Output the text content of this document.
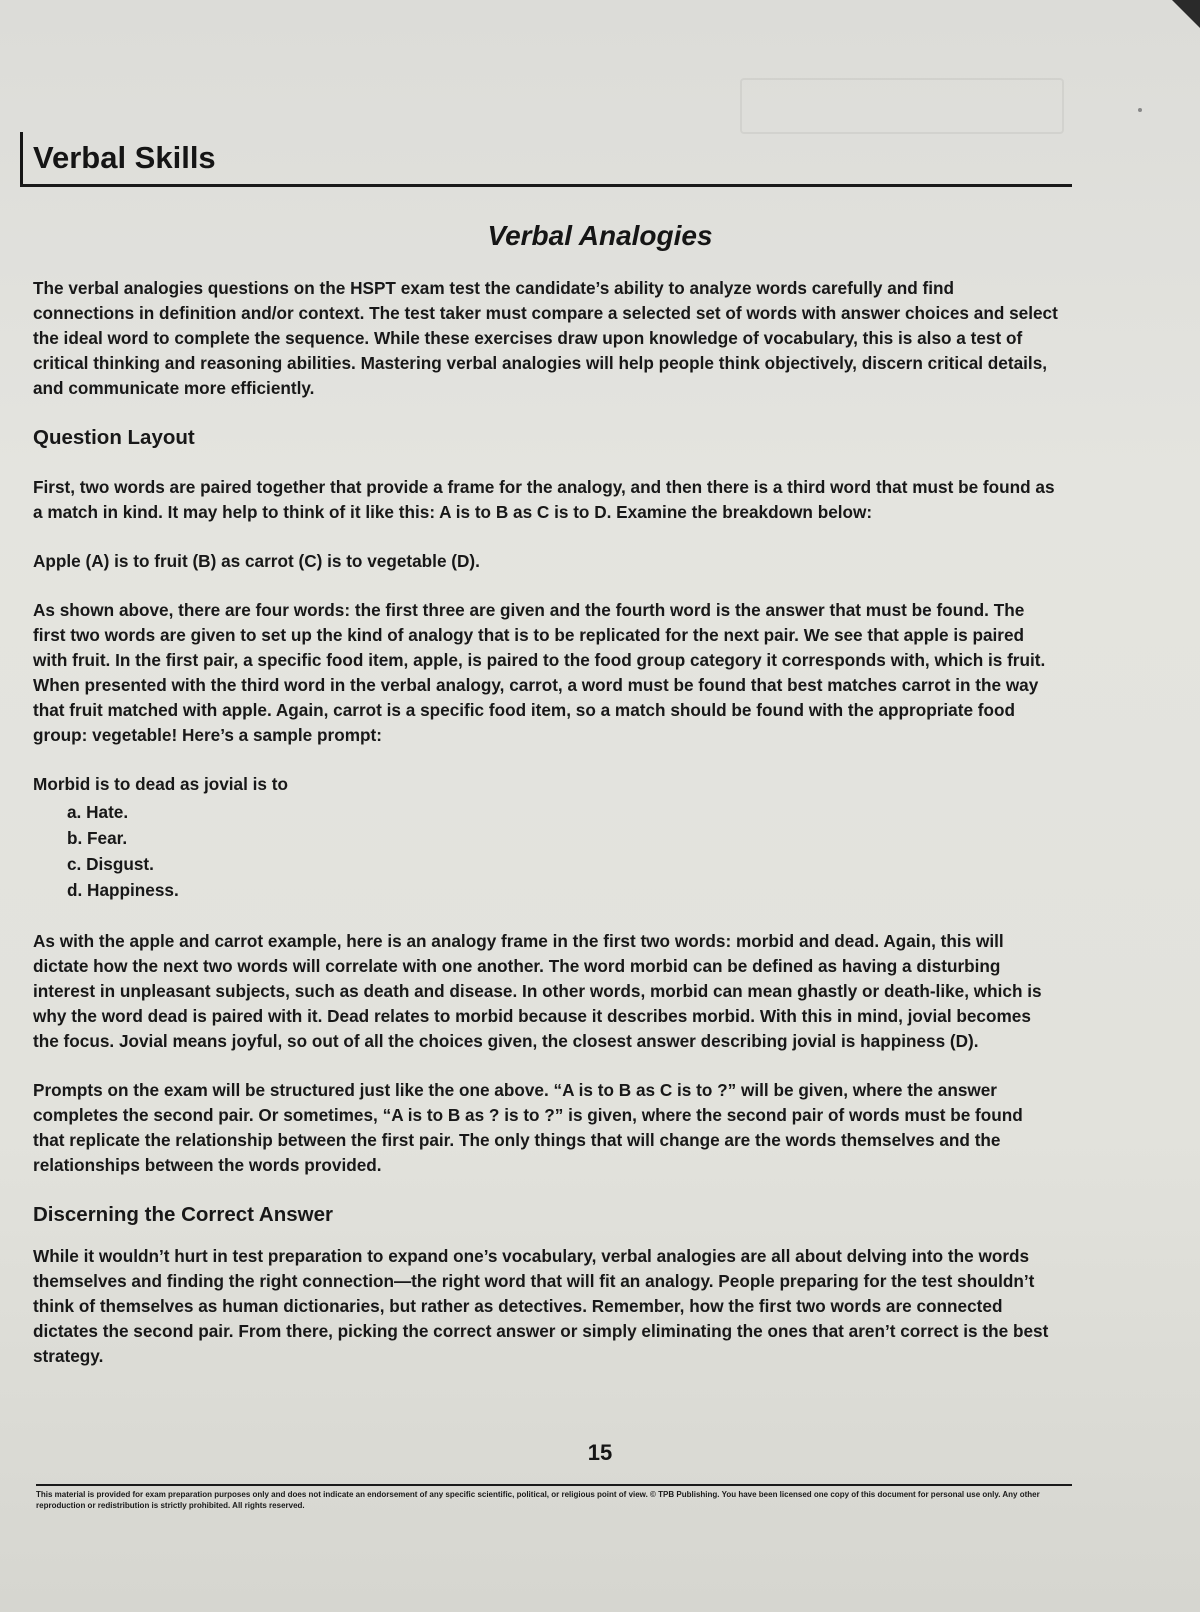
Verbal Skills
Verbal Analogies

The verbal analogies questions on the HSPT exam test the candidate’s ability to analyze words carefully and find connections in definition and/or context. The test taker must compare a selected set of words with answer choices and select the ideal word to complete the sequence. While these exercises draw upon knowledge of vocabulary, this is also a test of critical thinking and reasoning abilities. Mastering verbal analogies will help people think objectively, discern critical details, and communicate more efficiently.

Question Layout

First, two words are paired together that provide a frame for the analogy, and then there is a third word that must be found as a match in kind. It may help to think of it like this: A is to B as C is to D. Examine the breakdown below:

Apple (A) is to fruit (B) as carrot (C) is to vegetable (D).

As shown above, there are four words: the first three are given and the fourth word is the answer that must be found. The first two words are given to set up the kind of analogy that is to be replicated for the next pair. We see that apple is paired with fruit. In the first pair, a specific food item, apple, is paired to the food group category it corresponds with, which is fruit. When presented with the third word in the verbal analogy, carrot, a word must be found that best matches carrot in the way that fruit matched with apple. Again, carrot is a specific food item, so a match should be found with the appropriate food group: vegetable! Here’s a sample prompt:

Morbid is to dead as jovial is to
a. Hate.
b. Fear.
c. Disgust.
d. Happiness.

As with the apple and carrot example, here is an analogy frame in the first two words: morbid and dead. Again, this will dictate how the next two words will correlate with one another. The word morbid can be defined as having a disturbing interest in unpleasant subjects, such as death and disease. In other words, morbid can mean ghastly or death-like, which is why the word dead is paired with it. Dead relates to morbid because it describes morbid. With this in mind, jovial becomes the focus. Jovial means joyful, so out of all the choices given, the closest answer describing jovial is happiness (D).

Prompts on the exam will be structured just like the one above. “A is to B as C is to ?” will be given, where the answer completes the second pair. Or sometimes, “A is to B as ? is to ?” is given, where the second pair of words must be found that replicate the relationship between the first pair. The only things that will change are the words themselves and the relationships between the words provided.

Discerning the Correct Answer

While it wouldn’t hurt in test preparation to expand one’s vocabulary, verbal analogies are all about delving into the words themselves and finding the right connection—the right word that will fit an analogy. People preparing for the test shouldn’t think of themselves as human dictionaries, but rather as detectives. Remember, how the first two words are connected dictates the second pair. From there, picking the correct answer or simply eliminating the ones that aren’t correct is the best strategy.

15
This material is provided for exam preparation purposes only and does not indicate an endorsement of any specific scientific, political, or religious point of view. © TPB Publishing. You have been licensed one copy of this document for personal use only. Any other reproduction or redistribution is strictly prohibited. All rights reserved.
